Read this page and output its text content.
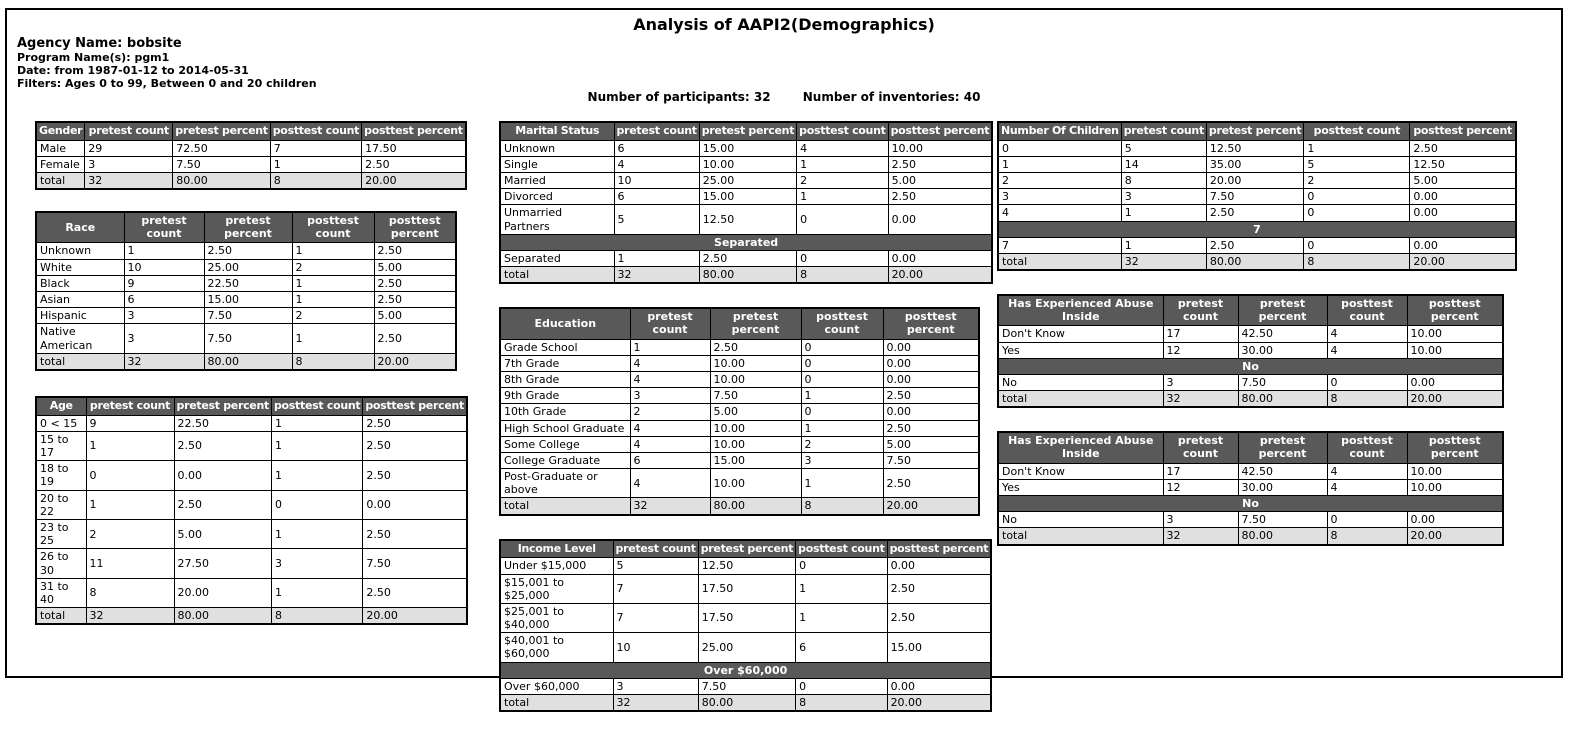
Analysis of AAPI2(Demographics)
Agency Name: bobsite
Program Name(s): pgm1
Date: from 1987-01-12 to 2014-05-31
Filters: Ages 0 to 99, Between 0 and 20 children
Number of participants: 32	Number of inventories: 40
Gender	pretest count	pretest percent	posttest count	posttest percent
Male	29	72.50	7	17.50
Female	3	7.50	1	2.50
total	32	80.00	8	20.00
Race	pretest count	pretest percent	posttest count	posttest percent
Unknown	1	2.50	1	2.50
White	10	25.00	2	5.00
Black	9	22.50	1	2.50
Asian	6	15.00	1	2.50
Hispanic	3	7.50	2	5.00
Native American	3	7.50	1	2.50
total	32	80.00	8	20.00
Age	pretest count	pretest percent	posttest count	posttest percent
0 < 15	9	22.50	1	2.50
15 to 17	1	2.50	1	2.50
18 to 19	0	0.00	1	2.50
20 to 22	1	2.50	0	0.00
23 to 25	2	5.00	1	2.50
26 to 30	11	27.50	3	7.50
31 to 40	8	20.00	1	2.50
total	32	80.00	8	20.00
Marital Status	pretest count	pretest percent	posttest count	posttest percent
Unknown	6	15.00	4	10.00
Single	4	10.00	1	2.50
Married	10	25.00	2	5.00
Divorced	6	15.00	1	2.50
Unmarried Partners	5	12.50	0	0.00
Separated				
Separated	1	2.50	0	0.00
total	32	80.00	8	20.00
Education	pretest count	pretest percent	posttest count	posttest percent
Grade School	1	2.50	0	0.00
7th Grade	4	10.00	0	0.00
8th Grade	4	10.00	0	0.00
9th Grade	3	7.50	1	2.50
10th Grade	2	5.00	0	0.00
High School Graduate	4	10.00	1	2.50
Some College	4	10.00	2	5.00
College Graduate	6	15.00	3	7.50
Post-Graduate or above	4	10.00	1	2.50
total	32	80.00	8	20.00
Income Level	pretest count	pretest percent	posttest count	posttest percent
Under $15,000	5	12.50	0	0.00
$15,001 to $25,000	7	17.50	1	2.50
$25,001 to $40,000	7	17.50	1	2.50
$40,001 to $60,000	10	25.00	6	15.00
Over $60,000				
Over $60,000	3	7.50	0	0.00
total	32	80.00	8	20.00
Number Of Children	pretest count	pretest percent	posttest count	posttest percent
0	5	12.50	1	2.50
1	14	35.00	5	12.50
2	8	20.00	2	5.00
3	3	7.50	0	0.00
4	1	2.50	0	0.00
7				
7	1	2.50	0	0.00
total	32	80.00	8	20.00
Has Experienced Abuse Inside	pretest count	pretest percent	posttest count	posttest percent
Don't Know	17	42.50	4	10.00
Yes	12	30.00	4	10.00
No				
No	3	7.50	0	0.00
total	32	80.00	8	20.00
Has Experienced Abuse Inside	pretest count	pretest percent	posttest count	posttest percent
Don't Know	17	42.50	4	10.00
Yes	12	30.00	4	10.00
No				
No	3	7.50	0	0.00
total	32	80.00	8	20.00
